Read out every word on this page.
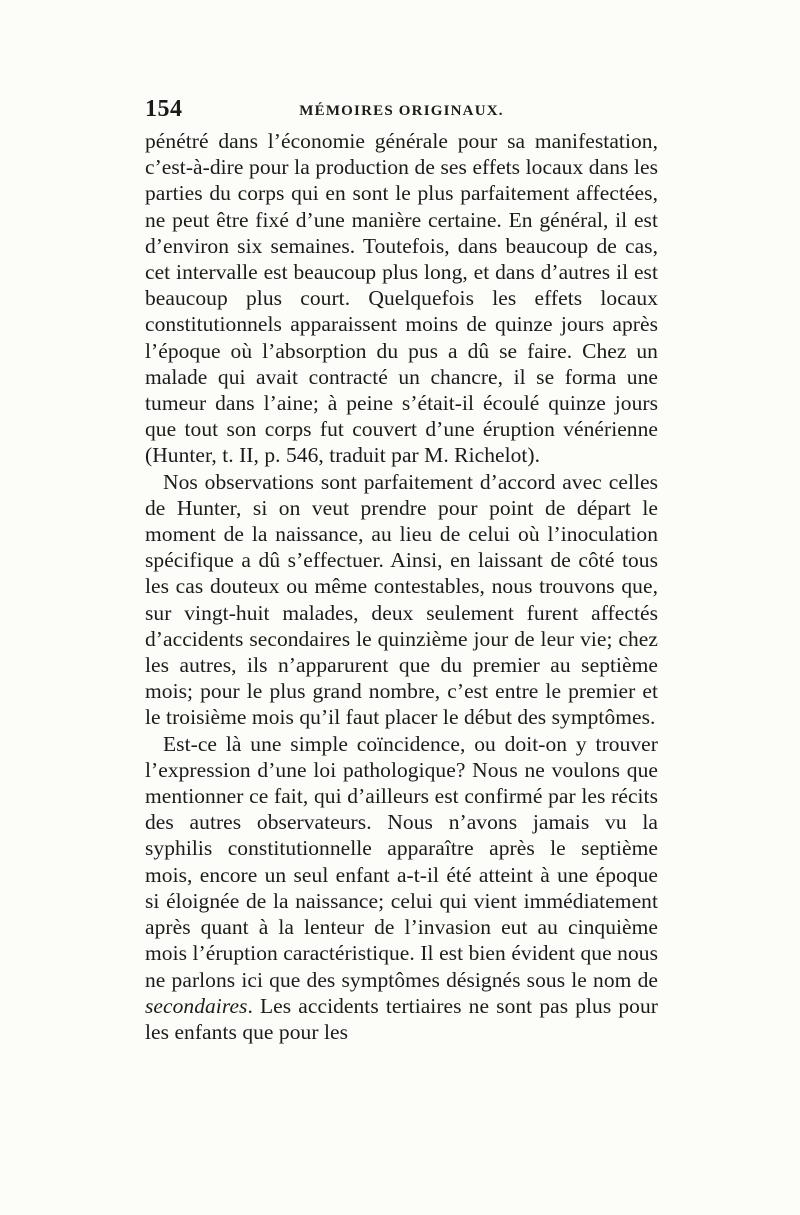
154	MÉMOIRES ORIGINAUX.

pénétré dans l’économie générale pour sa manifestation, c’est-à-dire pour la production de ses effets locaux dans les parties du corps qui en sont le plus parfaitement affectées, ne peut être fixé d’une manière certaine. En général, il est d’environ six semaines. Toutefois, dans beaucoup de cas, cet intervalle est beaucoup plus long, et dans d’autres il est beaucoup plus court. Quelquefois les effets locaux constitutionnels apparaissent moins de quinze jours après l’époque où l’absorption du pus a dû se faire. Chez un malade qui avait contracté un chancre, il se forma une tumeur dans l’aine; à peine s’était-il écoulé quinze jours que tout son corps fut couvert d’une éruption vénérienne (Hunter, t. II, p. 546, traduit par M. Richelot).

Nos observations sont parfaitement d’accord avec celles de Hunter, si on veut prendre pour point de départ le moment de la naissance, au lieu de celui où l’inoculation spécifique a dû s’effectuer. Ainsi, en laissant de côté tous les cas douteux ou même contestables, nous trouvons que, sur vingt-huit malades, deux seulement furent affectés d’accidents secondaires le quinzième jour de leur vie; chez les autres, ils n’apparurent que du premier au septième mois; pour le plus grand nombre, c’est entre le premier et le troisième mois qu’il faut placer le début des symptômes.

Est-ce là une simple coïncidence, ou doit-on y trouver l’expression d’une loi pathologique? Nous ne voulons que mentionner ce fait, qui d’ailleurs est confirmé par les récits des autres observateurs. Nous n’avons jamais vu la syphilis constitutionnelle apparaître après le septième mois, encore un seul enfant a-t-il été atteint à une époque si éloignée de la naissance; celui qui vient immédiatement après quant à la lenteur de l’invasion eut au cinquième mois l’éruption caractéristique. Il est bien évident que nous ne parlons ici que des symptômes désignés sous le nom de secondaires. Les accidents tertiaires ne sont pas plus pour les enfants que pour les
